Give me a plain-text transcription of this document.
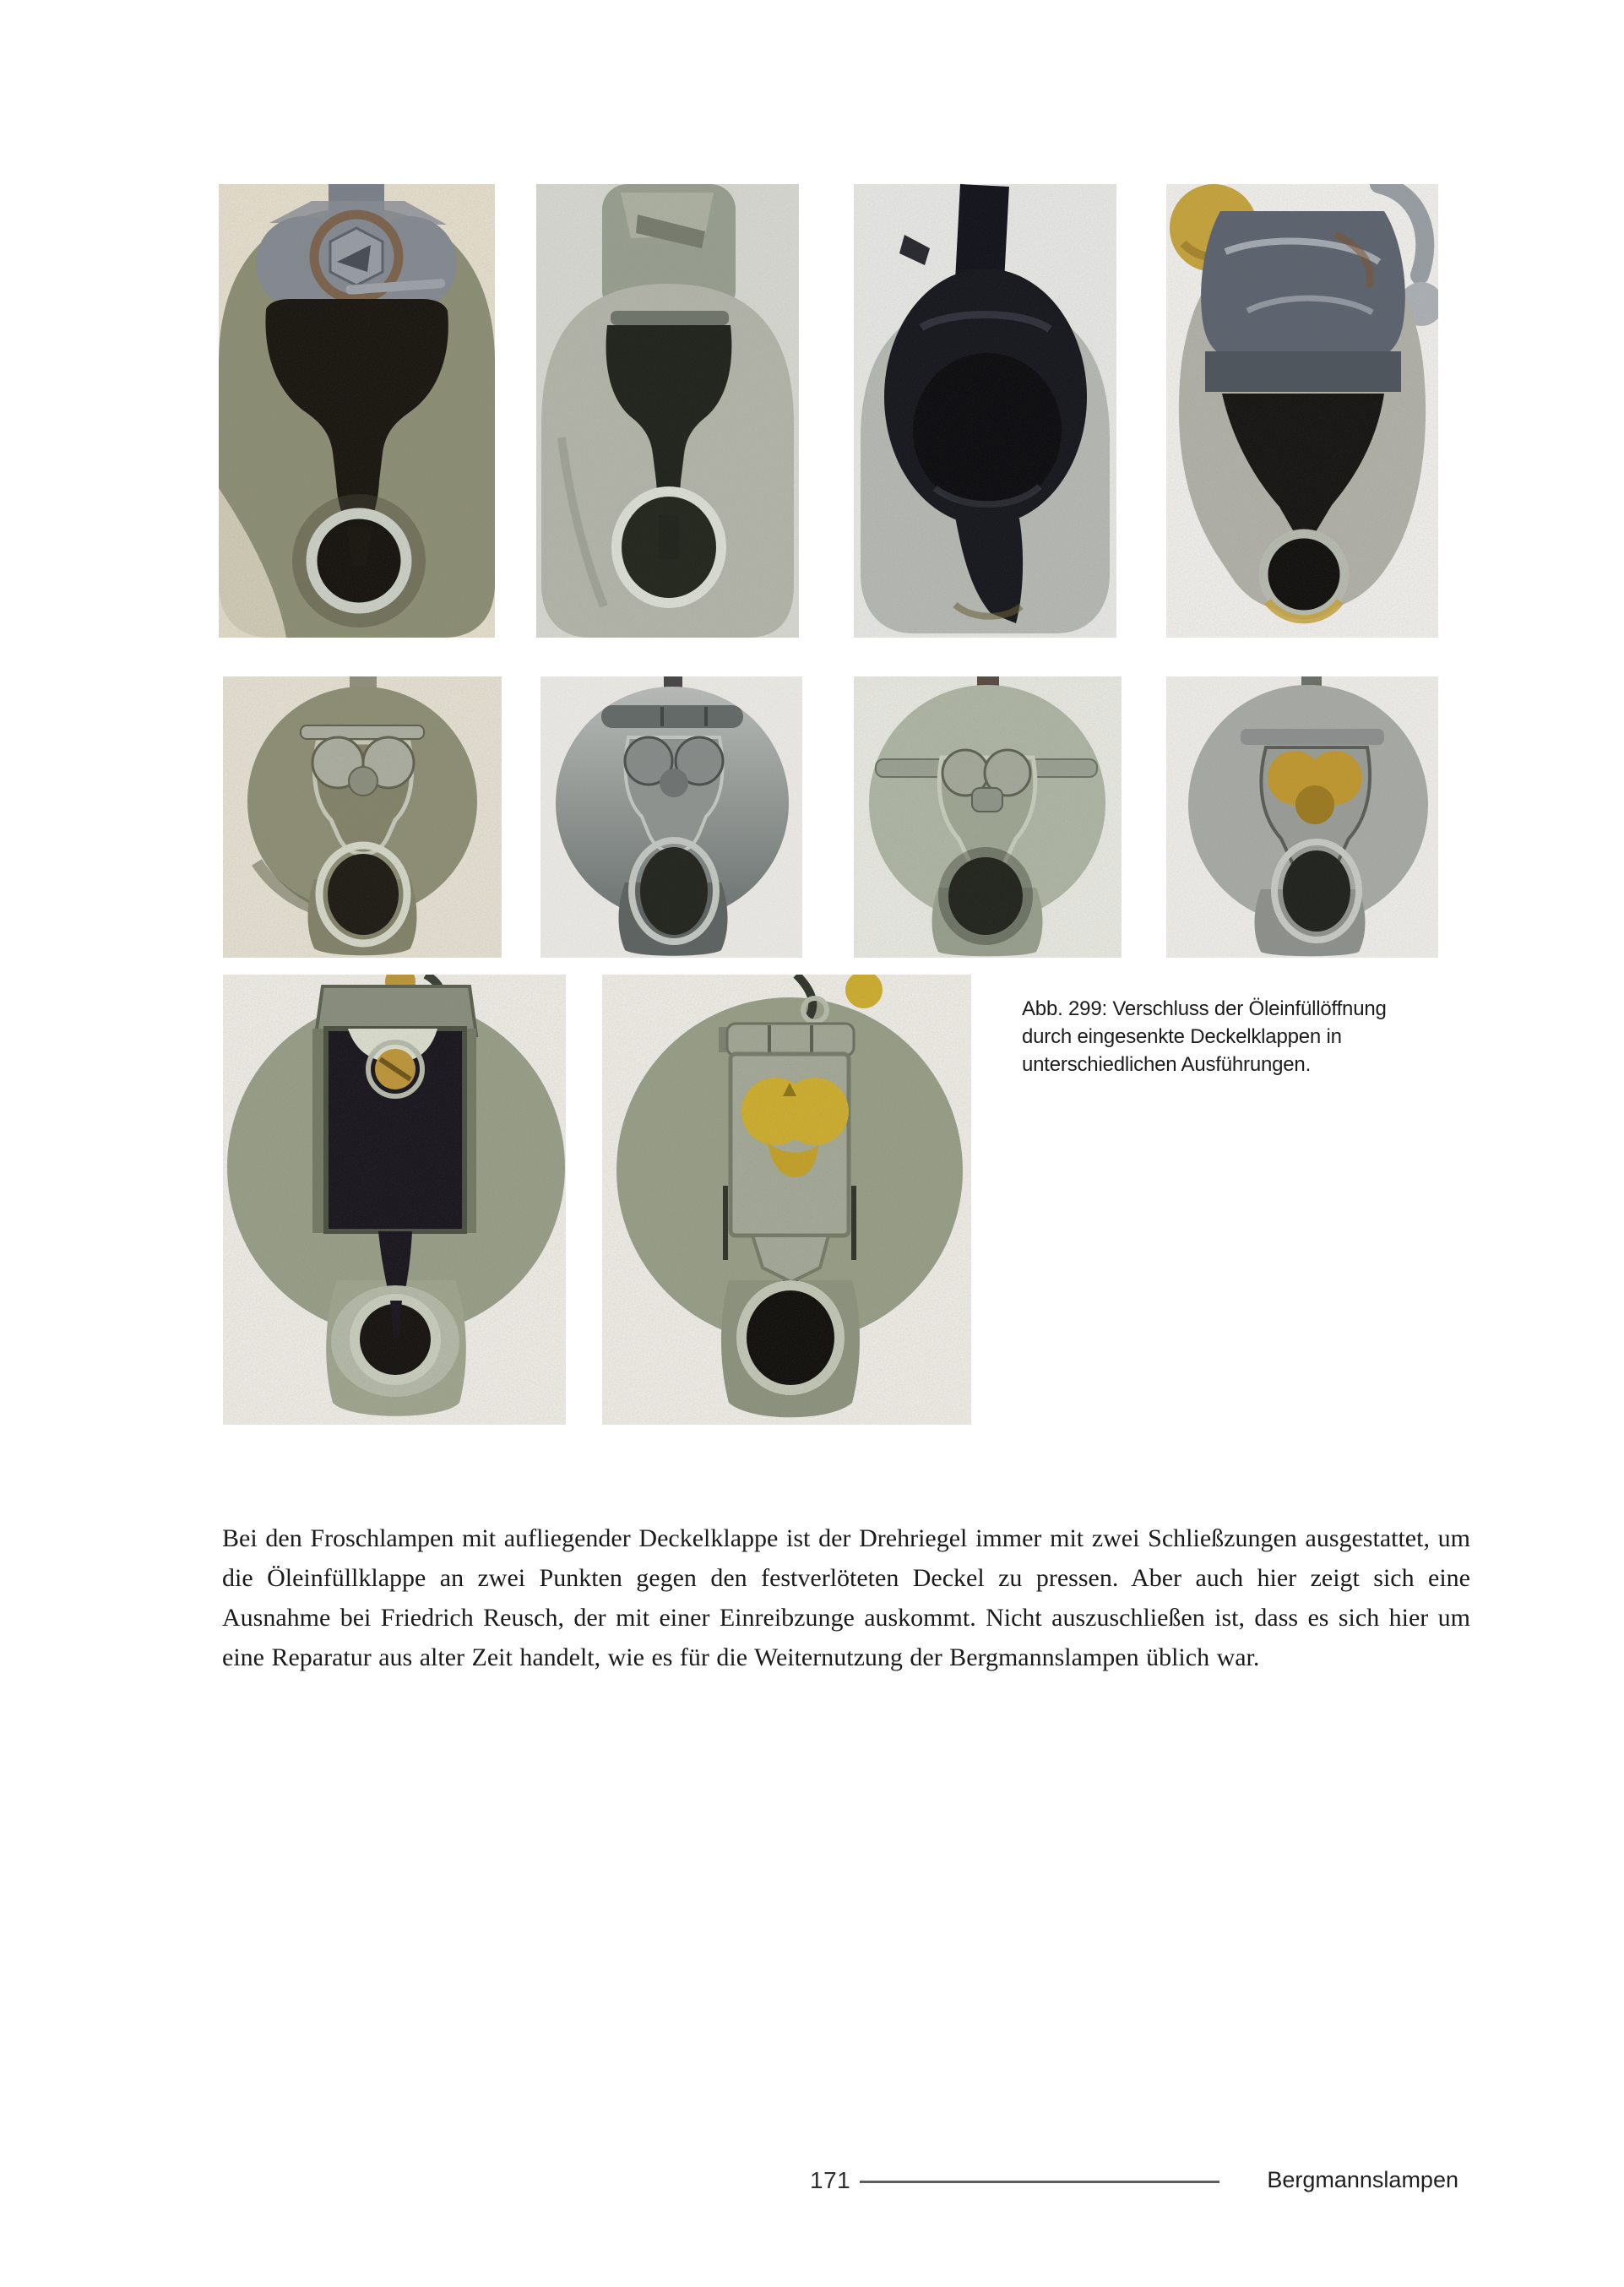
Abb. 299: Verschluss der Öleinfüllöffnung
durch eingesenkte Deckelklappen in
unterschiedlichen Ausführungen.

Bei den Froschlampen mit aufliegender Deckelklappe ist der Drehriegel immer mit zwei Schließzungen ausgestattet, um die Öleinfüllklappe an zwei Punkten gegen den festverlöteten Deckel zu pressen. Aber auch hier zeigt sich eine Ausnahme bei Friedrich Reusch, der mit einer Einreibzunge auskommt. Nicht auszuschließen ist, dass es sich hier um eine Reparatur aus alter Zeit handelt, wie es für die Weiternutzung der Bergmannslampen üblich war.

171	Bergmannslampen
